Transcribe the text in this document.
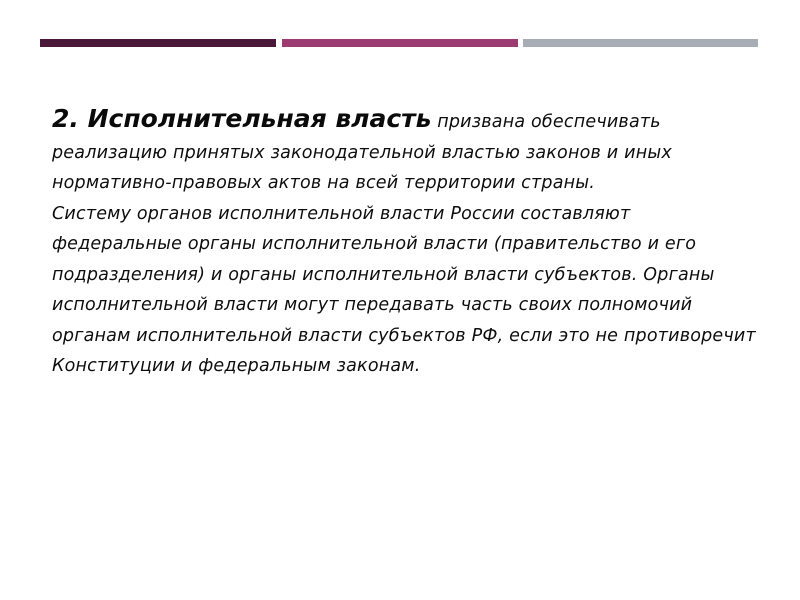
2. Исполнительная власть призвана обеспечивать реализацию принятых законодательной властью законов и иных нормативно-правовых актов на всей территории страны.

Систему органов исполнительной власти России составляют федеральные органы исполнительной власти (правительство и его подразделения) и органы исполнительной власти субъектов. Органы исполнительной власти могут передавать часть своих полномочий органам исполнительной власти субъектов РФ, если это не противоречит Конституции и федеральным законам.
